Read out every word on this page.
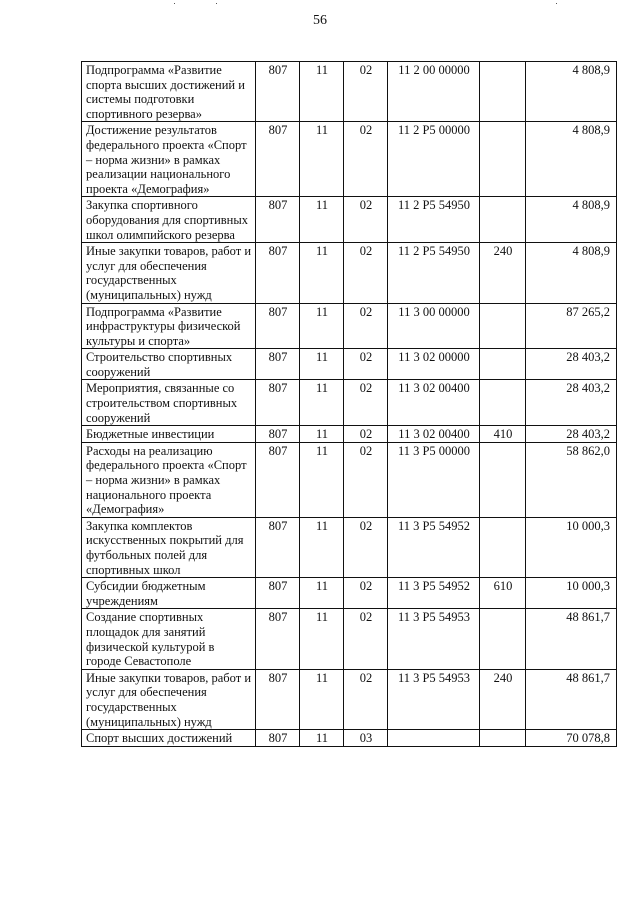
56
Подпрограмма «Развитие спорта высших достижений и системы подготовки спортивного резерва»	807	11	02	11 2 00 00000		4 808,9
Достижение результатов федерального проекта «Спорт – норма жизни» в рамках реализации национального проекта «Демография»	807	11	02	11 2 P5 00000		4 808,9
Закупка спортивного оборудования для спортивных школ олимпийского резерва	807	11	02	11 2 P5 54950		4 808,9
Иные закупки товаров, работ и услуг для обеспечения государственных (муниципальных) нужд	807	11	02	11 2 P5 54950	240	4 808,9
Подпрограмма «Развитие инфраструктуры физической культуры и спорта»	807	11	02	11 3 00 00000		87 265,2
Строительство спортивных сооружений	807	11	02	11 3 02 00000		28 403,2
Мероприятия, связанные со строительством спортивных сооружений	807	11	02	11 3 02 00400		28 403,2
Бюджетные инвестиции	807	11	02	11 3 02 00400	410	28 403,2
Расходы на реализацию федерального проекта «Спорт – норма жизни» в рамках национального проекта «Демография»	807	11	02	11 3 P5 00000		58 862,0
Закупка комплектов искусственных покрытий для футбольных полей для спортивных школ	807	11	02	11 3 P5 54952		10 000,3
Субсидии бюджетным учреждениям	807	11	02	11 3 P5 54952	610	10 000,3
Создание спортивных площадок для занятий физической культурой в городе Севастополе	807	11	02	11 3 P5 54953		48 861,7
Иные закупки товаров, работ и услуг для обеспечения государственных (муниципальных) нужд	807	11	02	11 3 P5 54953	240	48 861,7
Спорт высших достижений	807	11	03			70 078,8
